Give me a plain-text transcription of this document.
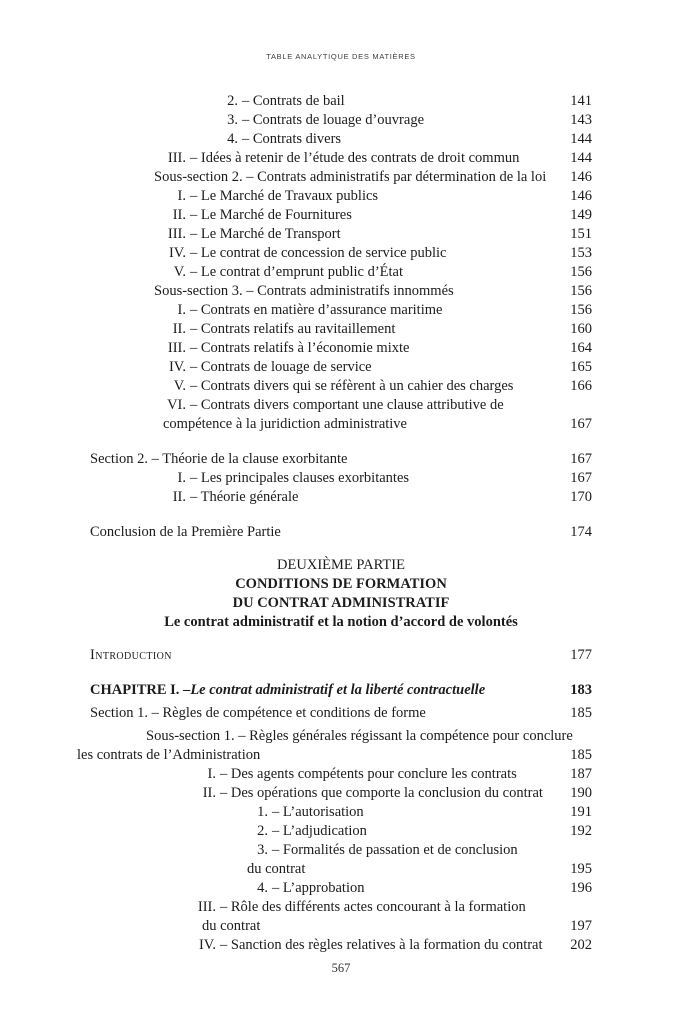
TABLE ANALYTIQUE DES MATIÈRES
2. – Contrats de bail	141
3. – Contrats de louage d’ouvrage	143
4. – Contrats divers	144
III. – Idées à retenir de l’étude des contrats de droit commun	144
Sous-section 2. – Contrats administratifs par détermination de la loi 146
I. – Le Marché de Travaux publics	146
II. – Le Marché de Fournitures	149
III. – Le Marché de Transport	151
IV. – Le contrat de concession de service public	153
V. – Le contrat d’emprunt public d’État	156
Sous-section 3. – Contrats administratifs innommés	156
I. – Contrats en matière d’assurance maritime	156
II. – Contrats relatifs au ravitaillement	160
III. – Contrats relatifs à l’économie mixte	164
IV. – Contrats de louage de service	165
V. – Contrats divers qui se réfèrent à un cahier des charges	166
VI. – Contrats divers comportant une clause attributive de
compétence à la juridiction administrative	167
Section 2. – Théorie de la clause exorbitante	167
I. – Les principales clauses exorbitantes	167
II. – Théorie générale	170
Conclusion de la Première Partie	174
DEUXIÈME PARTIE
CONDITIONS DE FORMATION
DU CONTRAT ADMINISTRATIF
Le contrat administratif et la notion d’accord de volontés
Introduction	177
CHAPITRE I. – Le contrat administratif et la liberté contractuelle	183
Section 1. – Règles de compétence et conditions de forme	185
Sous-section 1. – Règles générales régissant la compétence pour conclure
les contrats de l’Administration	185
I. – Des agents compétents pour conclure les contrats	187
II. – Des opérations que comporte la conclusion du contrat 190
1. – L’autorisation	191
2. – L’adjudication	192
3. – Formalités de passation et de conclusion
du contrat	195
4. – L’approbation	196
III. – Rôle des différents actes concourant à la formation
du contrat	197
IV. – Sanction des règles relatives à la formation du contrat 202
567
